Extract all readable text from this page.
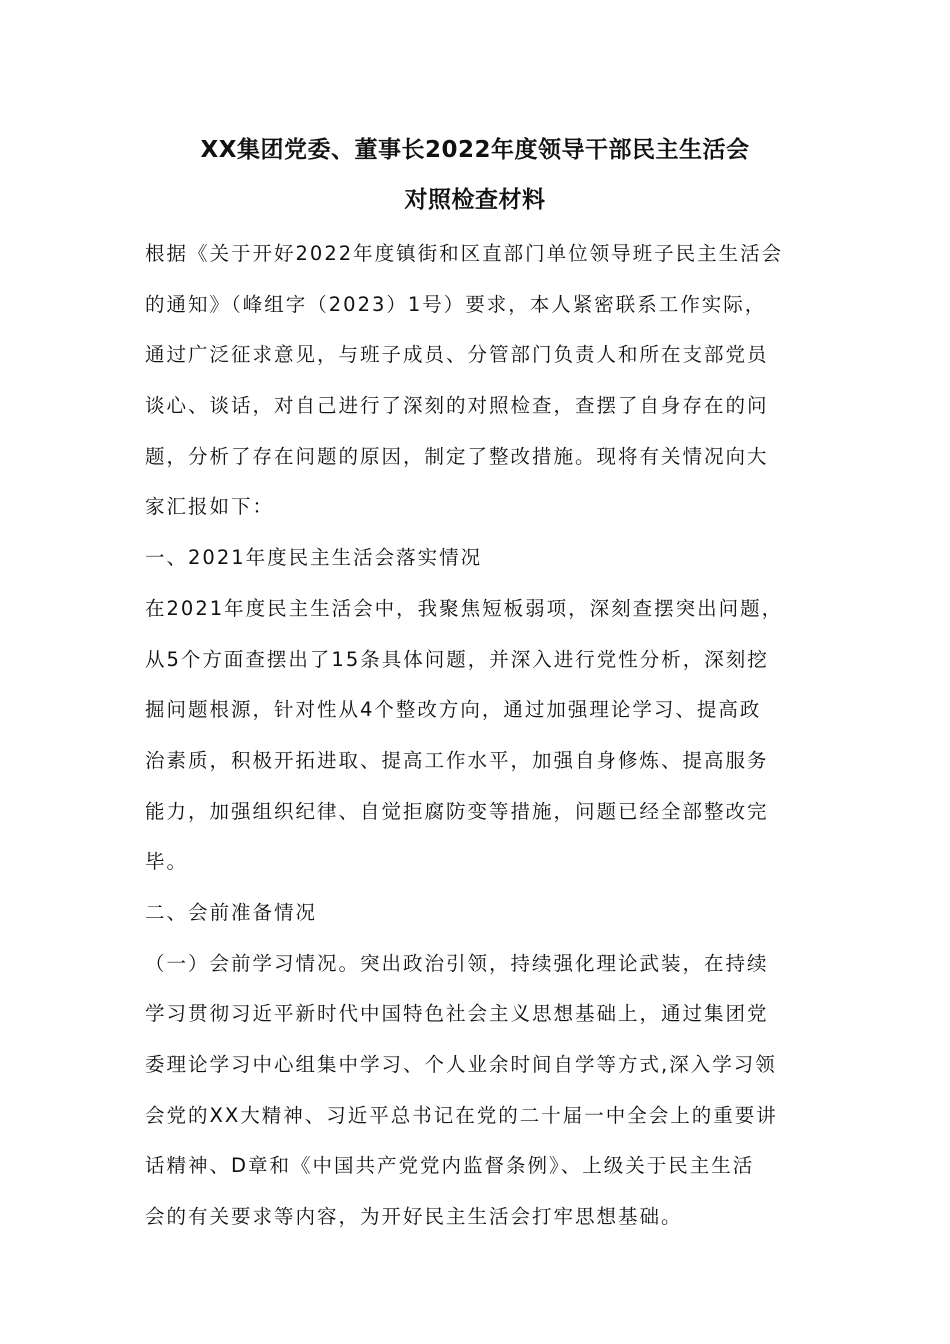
XX集团党委、董事长2022年度领导干部民主生活会
对照检查材料
根据《关于开好2022年度镇街和区直部门单位领导班子民主生活会
的通知》（峰组字（2023）1号）要求，本人紧密联系工作实际，
通过广泛征求意见，与班子成员、分管部门负责人和所在支部党员
谈心、谈话，对自己进行了深刻的对照检查，查摆了自身存在的问
题，分析了存在问题的原因，制定了整改措施。现将有关情况向大
家汇报如下：
一、2021年度民主生活会落实情况
在2021年度民主生活会中，我聚焦短板弱项，深刻查摆突出问题，
从5个方面查摆出了15条具体问题，并深入进行党性分析，深刻挖
掘问题根源，针对性从4个整改方向，通过加强理论学习、提高政
治素质，积极开拓进取、提高工作水平，加强自身修炼、提高服务
能力，加强组织纪律、自觉拒腐防变等措施，问题已经全部整改完
毕。
二、会前准备情况
（一）会前学习情况。突出政治引领，持续强化理论武装，在持续
学习贯彻习近平新时代中国特色社会主义思想基础上，通过集团党
委理论学习中心组集中学习、个人业余时间自学等方式,深入学习领
会党的XX大精神、习近平总书记在党的二十届一中全会上的重要讲
话精神、D章和《中国共产党党内监督条例》、上级关于民主生活
会的有关要求等内容，为开好民主生活会打牢思想基础。
